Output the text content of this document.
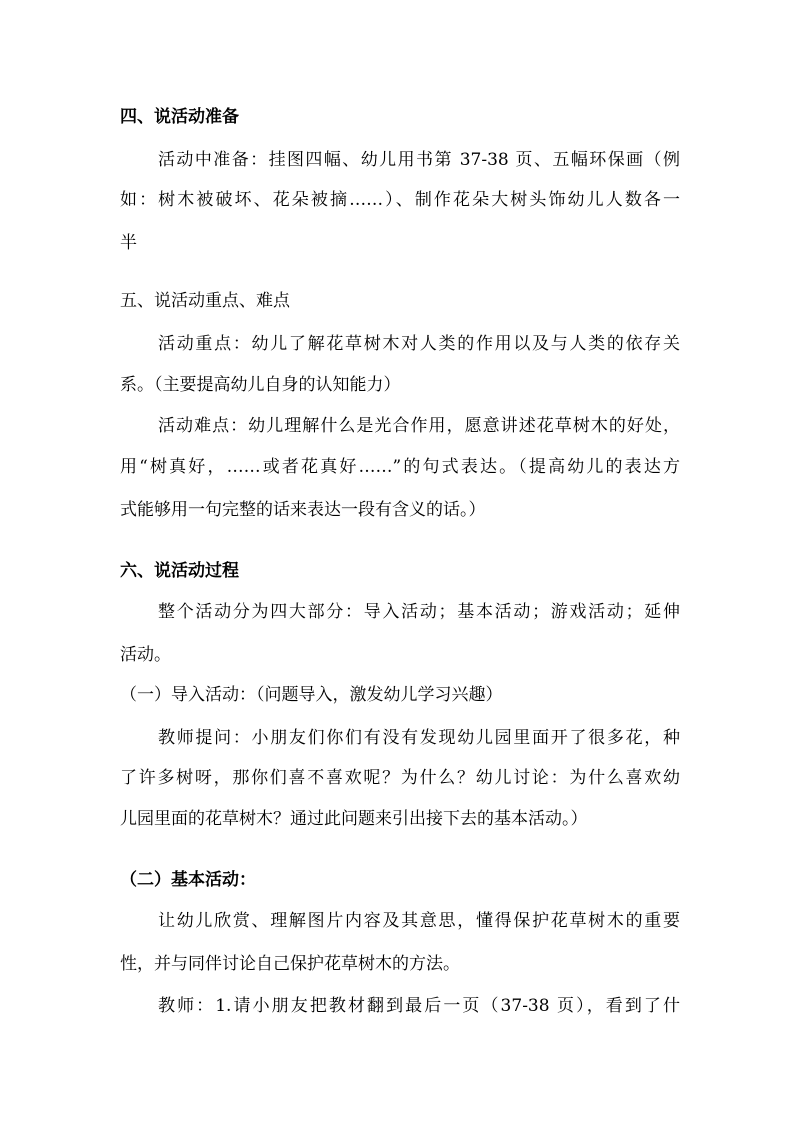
四、说活动准备
活动中准备：挂图四幅、幼儿用书第 37-38 页、五幅环保画（例
如：树木被破坏、花朵被摘……）、制作花朵大树头饰幼儿人数各一
半
五、说活动重点、难点
活动重点：幼儿了解花草树木对人类的作用以及与人类的依存关
系。（主要提高幼儿自身的认知能力）
活动难点：幼儿理解什么是光合作用，愿意讲述花草树木的好处，
用“树真好，……或者花真好……”的句式表达。（提高幼儿的表达方
式能够用一句完整的话来表达一段有含义的话。）
六、说活动过程
整个活动分为四大部分：导入活动；基本活动；游戏活动；延伸
活动。
（一）导入活动：（问题导入，激发幼儿学习兴趣）
教师提问：小朋友们你们有没有发现幼儿园里面开了很多花，种
了许多树呀，那你们喜不喜欢呢？为什么？幼儿讨论：为什么喜欢幼
儿园里面的花草树木？通过此问题来引出接下去的基本活动。）
（二）基本活动：
让幼儿欣赏、理解图片内容及其意思，懂得保护花草树木的重要
性，并与同伴讨论自己保护花草树木的方法。
教师：1.请小朋友把教材翻到最后一页（37-38 页），看到了什
